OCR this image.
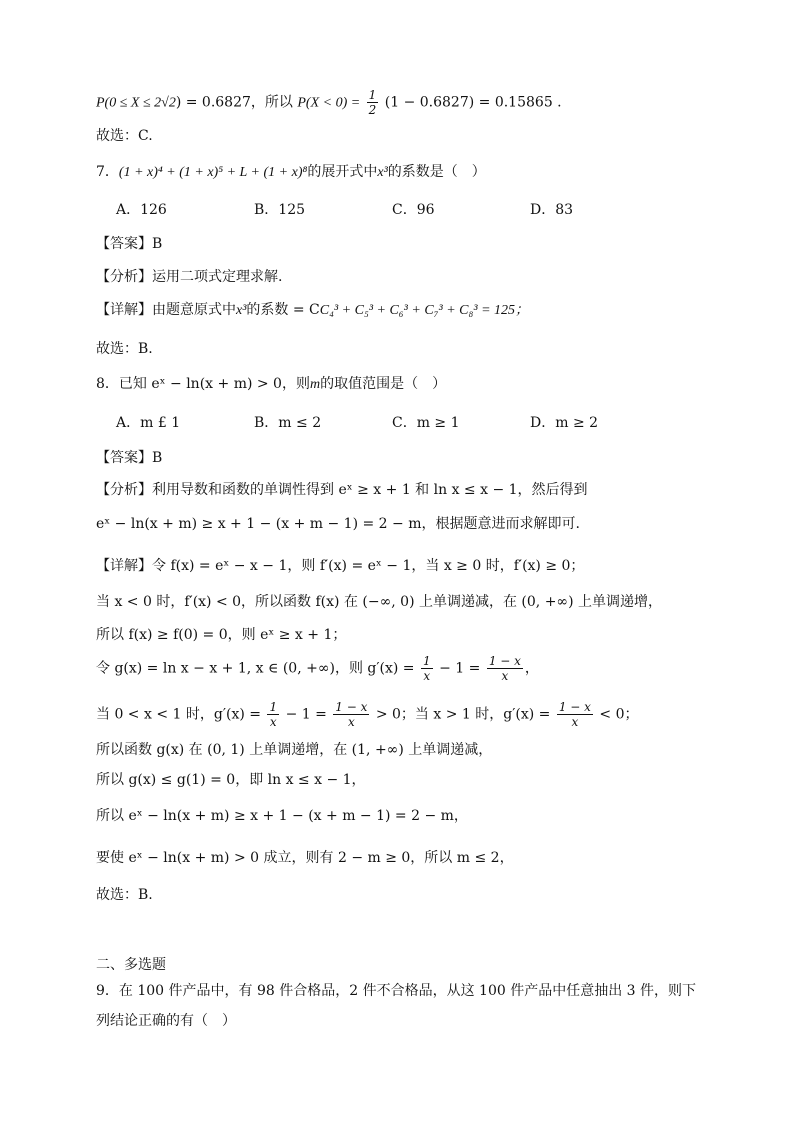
P(0 ≤ X ≤ 2√2) = 0.6827，所以 $P(X < 0) = \frac{1}{2} (1 - 0.6827) = 0.15865$ .
故选：C.
7．(1 + x)⁴ + (1 + x)⁵ + L + (1 + x)⁸的展开式中x³的系数是（　）
A．126	B．125	C．96	D．83
【答案】B
【分析】运用二项式定理求解.
【详解】由题意原式中x³的系数 = CC₄³ + C₅³ + C₆³ + C₇³ + C₈³ = 125；
故选：B.
8．已知 eˣ − ln(x + m) > 0，则m的取值范围是（　）
A．m £ 1	B．m ≤ 2	C．m ≥ 1	D．m ≥ 2
【答案】B
【分析】利用导数和函数的单调性得到 eˣ ≥ x + 1 和 ln x ≤ x − 1，然后得到
eˣ − ln(x + m) ≥ x + 1 − (x + m − 1) = 2 − m，根据题意进而求解即可.
【详解】令 f(x) = eˣ − x − 1，则 f′(x) = eˣ − 1，当 x ≥ 0 时，f′(x) ≥ 0；
当 x < 0 时，f′(x) < 0，所以函数 f(x) 在 (−∞, 0) 上单调递减，在 (0, +∞) 上单调递增，
所以 f(x) ≥ f(0) = 0，则 eˣ ≥ x + 1；
令 g(x) = ln x − x + 1, x ∈ (0, +∞)，则 $g'(x) = \frac{1}{x} - 1 = \frac{1 - x}{x}$ ，
当 0 < x < 1 时，$g'(x) = \frac{1}{x} - 1 = \frac{1 - x}{x} > 0$；当 x > 1 时，$g'(x) = \frac{1 - x}{x} < 0$；
所以函数 g(x) 在 (0, 1) 上单调递增，在 (1, +∞) 上单调递减，
所以 g(x) ≤ g(1) = 0，即 ln x ≤ x − 1，
所以 eˣ − ln(x + m) ≥ x + 1 − (x + m − 1) = 2 − m，
要使 eˣ − ln(x + m) > 0 成立，则有 2 − m ≥ 0，所以 m ≤ 2，
故选：B.
二、多选题
9．在 100 件产品中，有 98 件合格品，2 件不合格品，从这 100 件产品中任意抽出 3 件，则下列结论正确的有（　）
